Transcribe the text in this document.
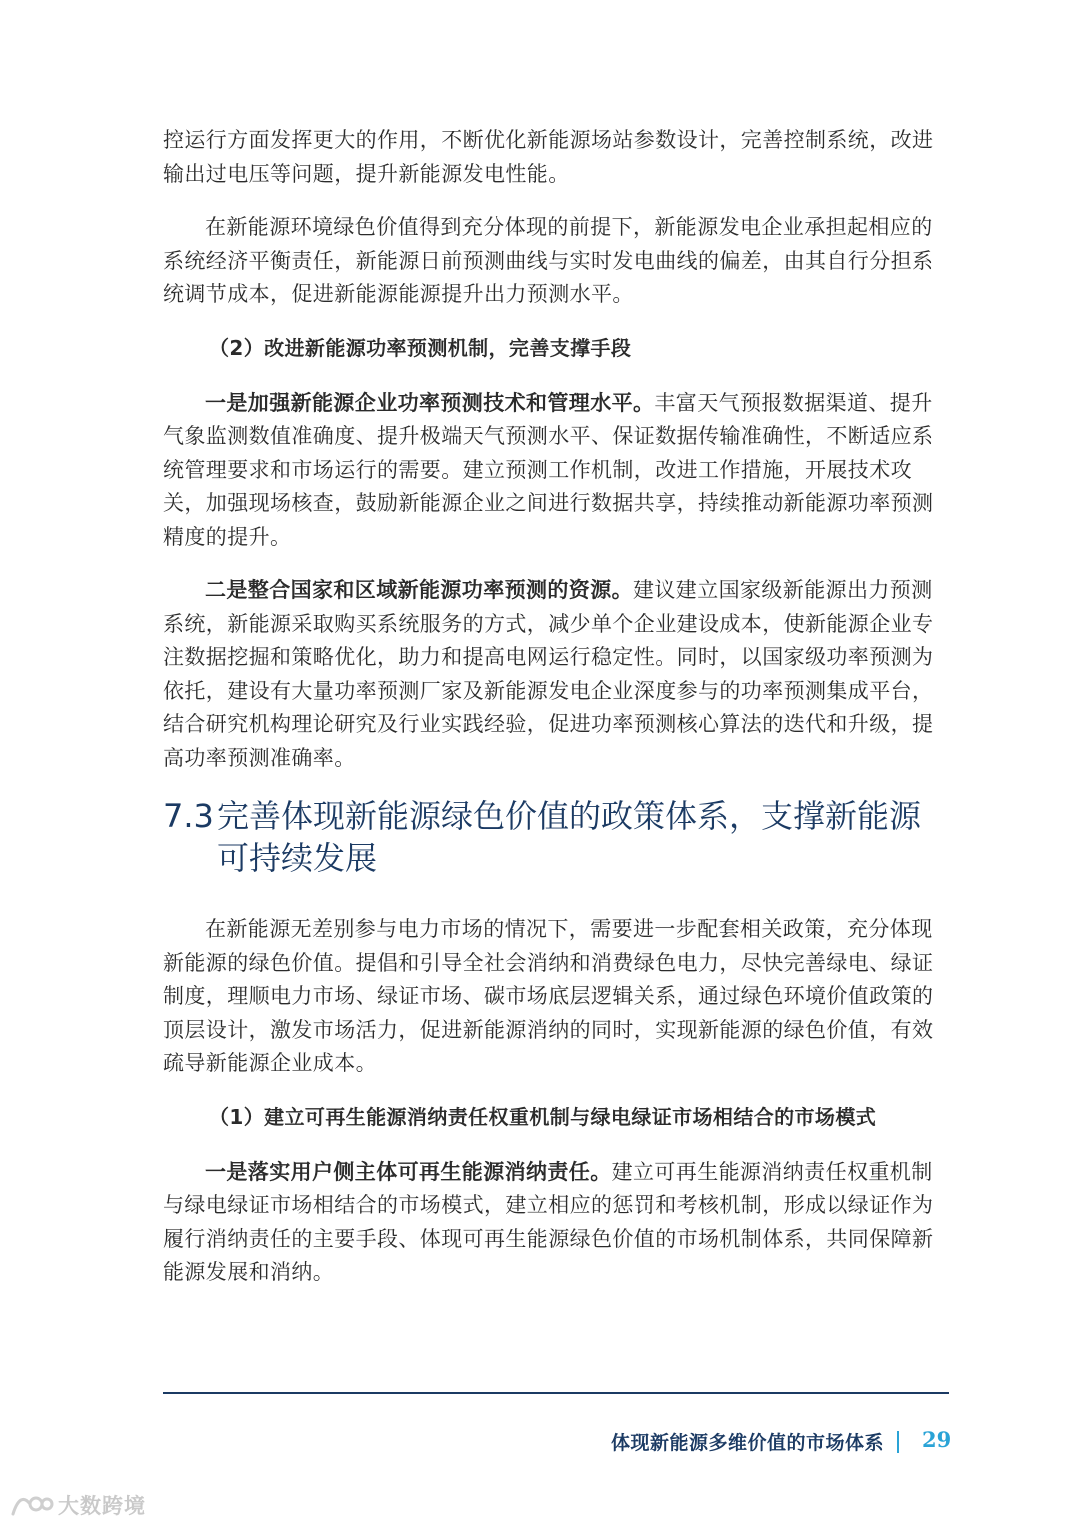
控运行方面发挥更大的作用，不断优化新能源场站参数设计，完善控制系统，改进输出过电压等问题，提升新能源发电性能。

在新能源环境绿色价值得到充分体现的前提下，新能源发电企业承担起相应的系统经济平衡责任，新能源日前预测曲线与实时发电曲线的偏差，由其自行分担系统调节成本，促进新能源能源提升出力预测水平。

（2）改进新能源功率预测机制，完善支撑手段

一是加强新能源企业功率预测技术和管理水平。丰富天气预报数据渠道、提升气象监测数值准确度、提升极端天气预测水平、保证数据传输准确性，不断适应系统管理要求和市场运行的需要。建立预测工作机制，改进工作措施，开展技术攻关，加强现场核查，鼓励新能源企业之间进行数据共享，持续推动新能源功率预测精度的提升。

二是整合国家和区域新能源功率预测的资源。建议建立国家级新能源出力预测系统，新能源采取购买系统服务的方式，减少单个企业建设成本，使新能源企业专注数据挖掘和策略优化，助力和提高电网运行稳定性。同时，以国家级功率预测为依托，建设有大量功率预测厂家及新能源发电企业深度参与的功率预测集成平台，结合研究机构理论研究及行业实践经验，促进功率预测核心算法的迭代和升级，提高功率预测准确率。

7.3 完善体现新能源绿色价值的政策体系，支撑新能源可持续发展

在新能源无差别参与电力市场的情况下，需要进一步配套相关政策，充分体现新能源的绿色价值。提倡和引导全社会消纳和消费绿色电力，尽快完善绿电、绿证制度，理顺电力市场、绿证市场、碳市场底层逻辑关系，通过绿色环境价值政策的顶层设计，激发市场活力，促进新能源消纳的同时，实现新能源的绿色价值，有效疏导新能源企业成本。

（1）建立可再生能源消纳责任权重机制与绿电绿证市场相结合的市场模式

一是落实用户侧主体可再生能源消纳责任。建立可再生能源消纳责任权重机制与绿电绿证市场相结合的市场模式，建立相应的惩罚和考核机制，形成以绿证作为履行消纳责任的主要手段、体现可再生能源绿色价值的市场机制体系，共同保障新能源发展和消纳。

体现新能源多维价值的市场体系 29
大数跨境
